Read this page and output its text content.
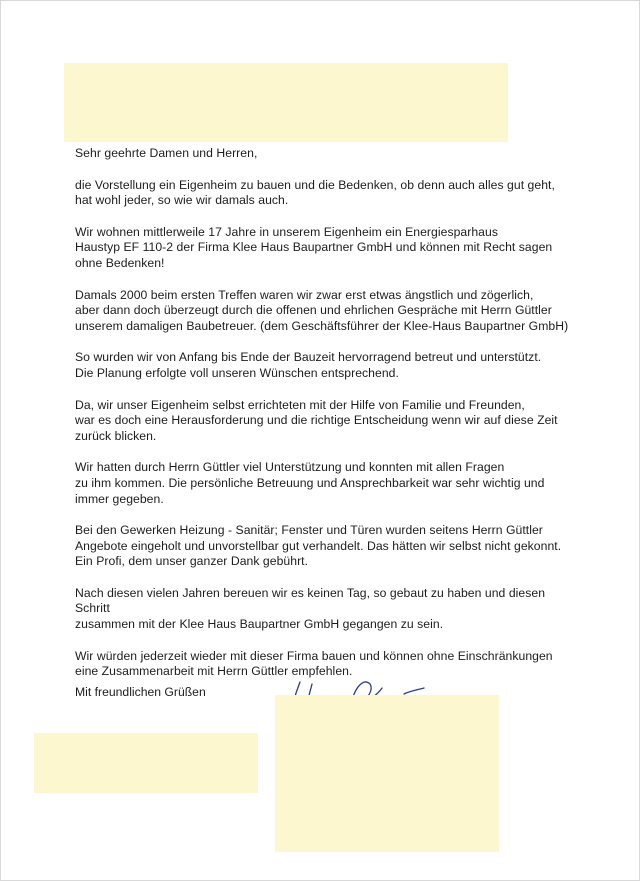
Sehr geehrte Damen und Herren,

die Vorstellung ein Eigenheim zu bauen und die Bedenken, ob denn auch alles gut geht,
hat wohl jeder, so wie wir damals auch.

Wir wohnen mittlerweile 17 Jahre in unserem Eigenheim ein Energiesparhaus
Haustyp EF 110-2 der Firma Klee Haus Baupartner GmbH und können mit Recht sagen
ohne Bedenken!

Damals 2000 beim ersten Treffen waren wir zwar erst etwas ängstlich und zögerlich,
aber dann doch überzeugt durch die offenen und ehrlichen Gespräche mit Herrn Güttler
unserem damaligen Baubetreuer. (dem Geschäftsführer der Klee-Haus Baupartner GmbH)

So wurden wir von Anfang bis Ende der Bauzeit hervorragend betreut und unterstützt.
Die Planung erfolgte voll unseren Wünschen entsprechend.

Da, wir unser Eigenheim selbst errichteten mit der Hilfe von Familie und Freunden,
war es doch eine Herausforderung und die richtige Entscheidung wenn wir auf diese Zeit
zurück blicken.

Wir hatten durch Herrn Güttler viel Unterstützung und konnten mit allen Fragen
zu ihm kommen. Die persönliche Betreuung und Ansprechbarkeit war sehr wichtig und
immer gegeben.

Bei den Gewerken Heizung - Sanitär; Fenster und Türen wurden seitens Herrn Güttler
Angebote eingeholt und unvorstellbar gut verhandelt. Das hätten wir selbst nicht gekonnt.
Ein Profi, dem unser ganzer Dank gebührt.

Nach diesen vielen Jahren bereuen wir es keinen Tag, so gebaut zu haben und diesen Schritt
zusammen mit der Klee Haus Baupartner GmbH gegangen zu sein.

Wir würden jederzeit wieder mit dieser Firma bauen und können ohne Einschränkungen
eine Zusammenarbeit mit Herrn Güttler empfehlen.

Mit freundlichen Grüßen
